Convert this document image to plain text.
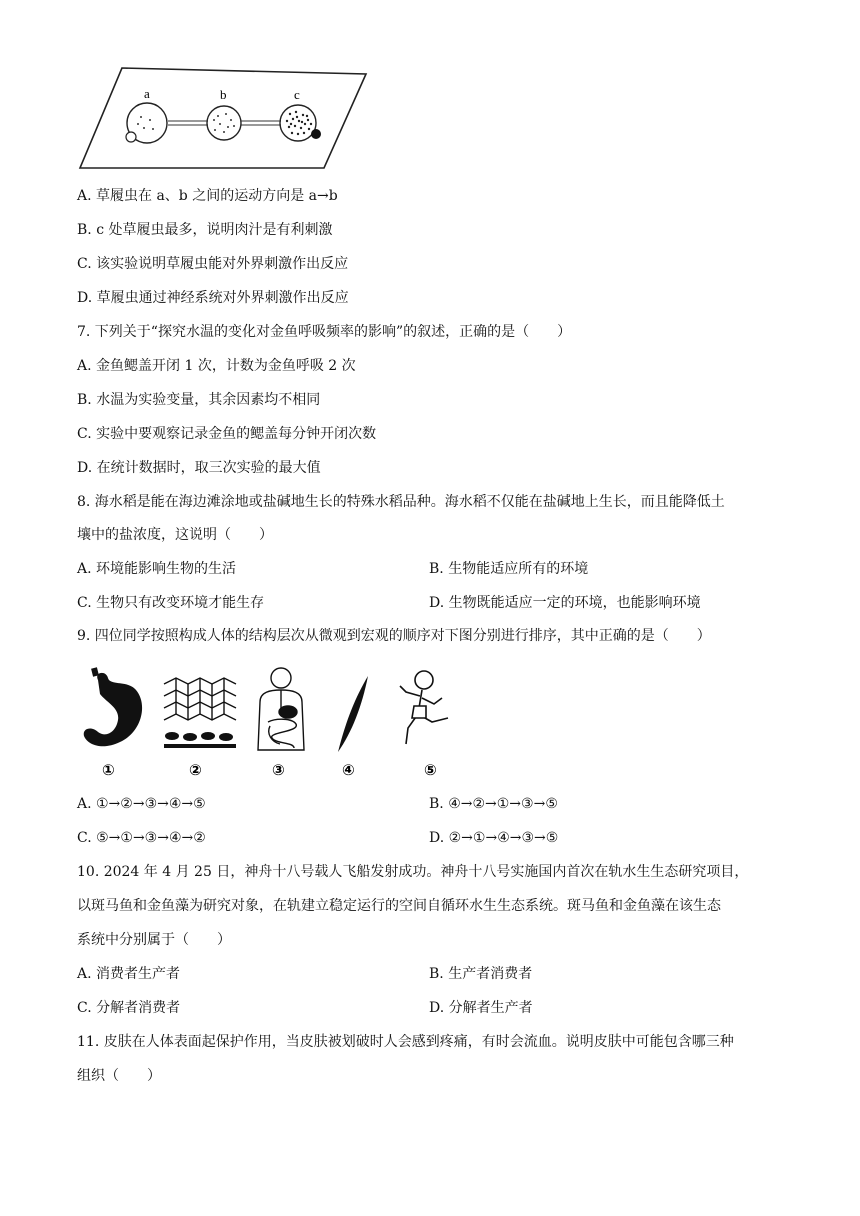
a	b	c
A. 草履虫在 a、b 之间的运动方向是 a→b
B. c 处草履虫最多，说明肉汁是有利刺激
C. 该实验说明草履虫能对外界刺激作出反应
D. 草履虫通过神经系统对外界刺激作出反应
7. 下列关于“探究水温的变化对金鱼呼吸频率的影响”的叙述，正确的是（　　）
A. 金鱼鳃盖开闭 1 次，计数为金鱼呼吸 2 次
B. 水温为实验变量，其余因素均不相同
C. 实验中要观察记录金鱼的鳃盖每分钟开闭次数
D. 在统计数据时，取三次实验的最大值
8. 海水稻是能在海边滩涂地或盐碱地生长的特殊水稻品种。海水稻不仅能在盐碱地上生长，而且能降低土
壤中的盐浓度，这说明（　　）
A. 环境能影响生物的生活	B. 生物能适应所有的环境
C. 生物只有改变环境才能生存	D. 生物既能适应一定的环境，也能影响环境
9. 四位同学按照构成人体的结构层次从微观到宏观的顺序对下图分别进行排序，其中正确的是（　　）
①	②	③	④	⑤
A. ①→②→③→④→⑤	B. ④→②→①→③→⑤
C. ⑤→①→③→④→②	D. ②→①→④→③→⑤
10. 2024 年 4 月 25 日，神舟十八号载人飞船发射成功。神舟十八号实施国内首次在轨水生生态研究项目，
以斑马鱼和金鱼藻为研究对象，在轨建立稳定运行的空间自循环水生生态系统。斑马鱼和金鱼藻在该生态
系统中分别属于（　　）
A. 消费者生产者	B. 生产者消费者
C. 分解者消费者	D. 分解者生产者
11. 皮肤在人体表面起保护作用，当皮肤被划破时人会感到疼痛，有时会流血。说明皮肤中可能包含哪三种
组织（　　）
